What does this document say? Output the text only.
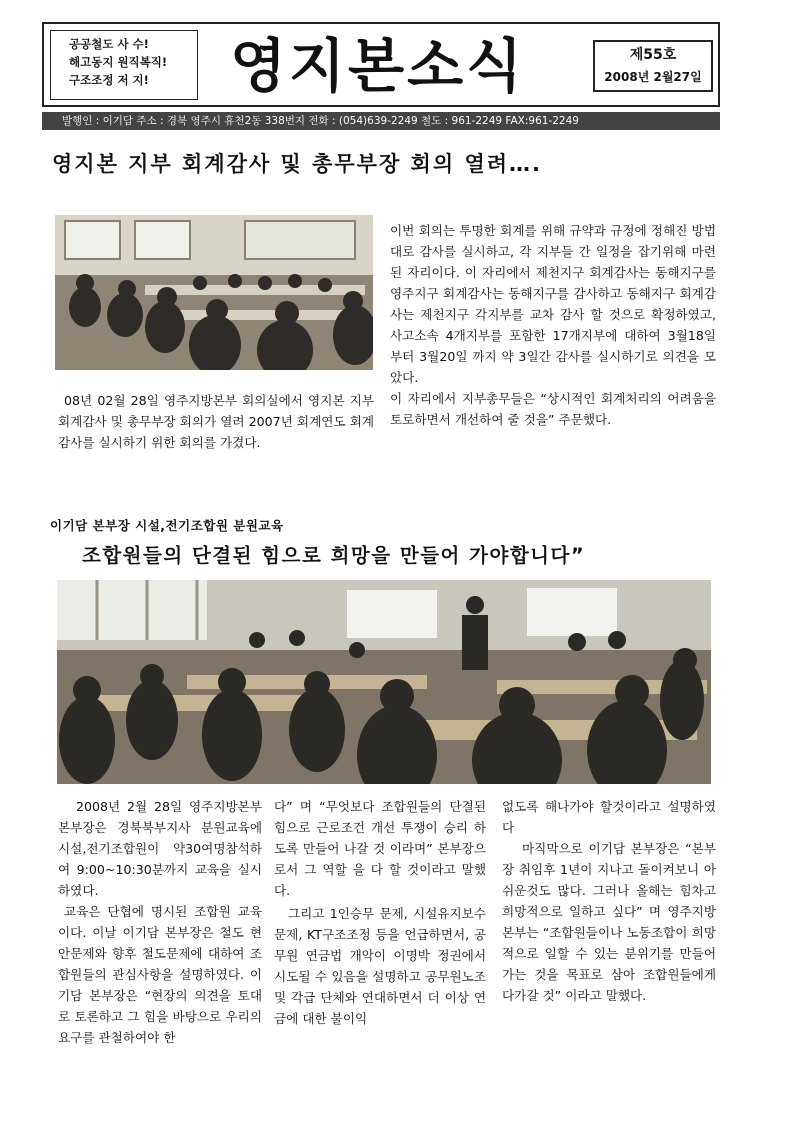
공공철도 사 수!
해고동지 원직복직!
구조조정 저 지!	영지본소식	제55호
2008년 2월27일
발행인 : 이기담 주소 : 경북 영주시 휴천2동 338번지 전화 : (054)639-2249 철도 : 961-2249 FAX:961-2249
영지본 지부 회계감사 및 총무부장 회의 열려….

08년 02월 28일 영주지방본부 회의실에서 영지본 지부 회계감사 및 총무부장 회의가 열려 2007년 회계연도 회계감사를 실시하기 위한 회의를 가겼다.

이번 회의는 투명한 회계를 위해 규약과 규정에 정해진 방법대로 감사를 실시하고, 각 지부들 간 일정을 잡기위해 마련된 자리이다. 이 자리에서 제천지구 회계감사는 동해지구를 영주지구 회계감사는 동해지구를 감사하고 동해지구 회계감사는 제천지구 각지부를 교차 감사 할 것으로 확정하였고, 사고소속 4개지부를 포함한 17개지부에 대하여 3월18일 부터 3월20일 까지 약 3일간 감사를 실시하기로 의견을 모았다.

이 자리에서 지부총무들은 “상시적인 회계처리의 어려움을 토로하면서 개선하여 줄 것을” 주문했다.

이기담 본부장 시설,전기조합원 분원교육
조합원들의 단결된 힘으로 희망을 만들어 가야합니다”

2008년 2월 28일 영주지방본부 본부장은 경북북부지사 분원교육에 시설,전기조합원이 약30여명참석하여 9:00~10:30분까지 교육을 실시하였다.

교육은 단협에 명시된 조합원 교육이다. 이날 이기담 본부장은 철도 현안문제와 향후 철도문제에 대하여 조합원들의 관심사항을 설명하였다. 이기담 본부장은 “현장의 의견을 토대로 토론하고 그 힘을 바탕으로 우리의 요구를 관철하여야 한

다” 며 “무엇보다 조합원들의 단결된 힘으로 근로조건 개선 투쟁이 승리 하도록 만들어 나갈 것 이라며” 본부장으로서 그 역할 을 다 할 것이라고 말했다.

그리고 1인승무 문제, 시설유지보수 문제, KT구조조정 등을 언급하면서, 공무원 연금법 개악이 이명박 정권에서 시도될 수 있음을 설명하고 공무원노조 및 각급 단체와 연대하면서 더 이상 연금에 대한 불이익

없도록 해나가야 할것이라고 설명하였다

마직막으로 이기담 본부장은 “본부장 취임후 1년이 지나고 돌이켜보니 아쉬운것도 많다. 그러나 올해는 힘차고 희망적으로 일하고 싶다” 며 영주지방본부는 “조합원들이나 노동조합이 희망적으로 일할 수 있는 분위기를 만들어가는 것을 목표로 삼아 조합원들에게 다가갈 것” 이라고 말했다.
